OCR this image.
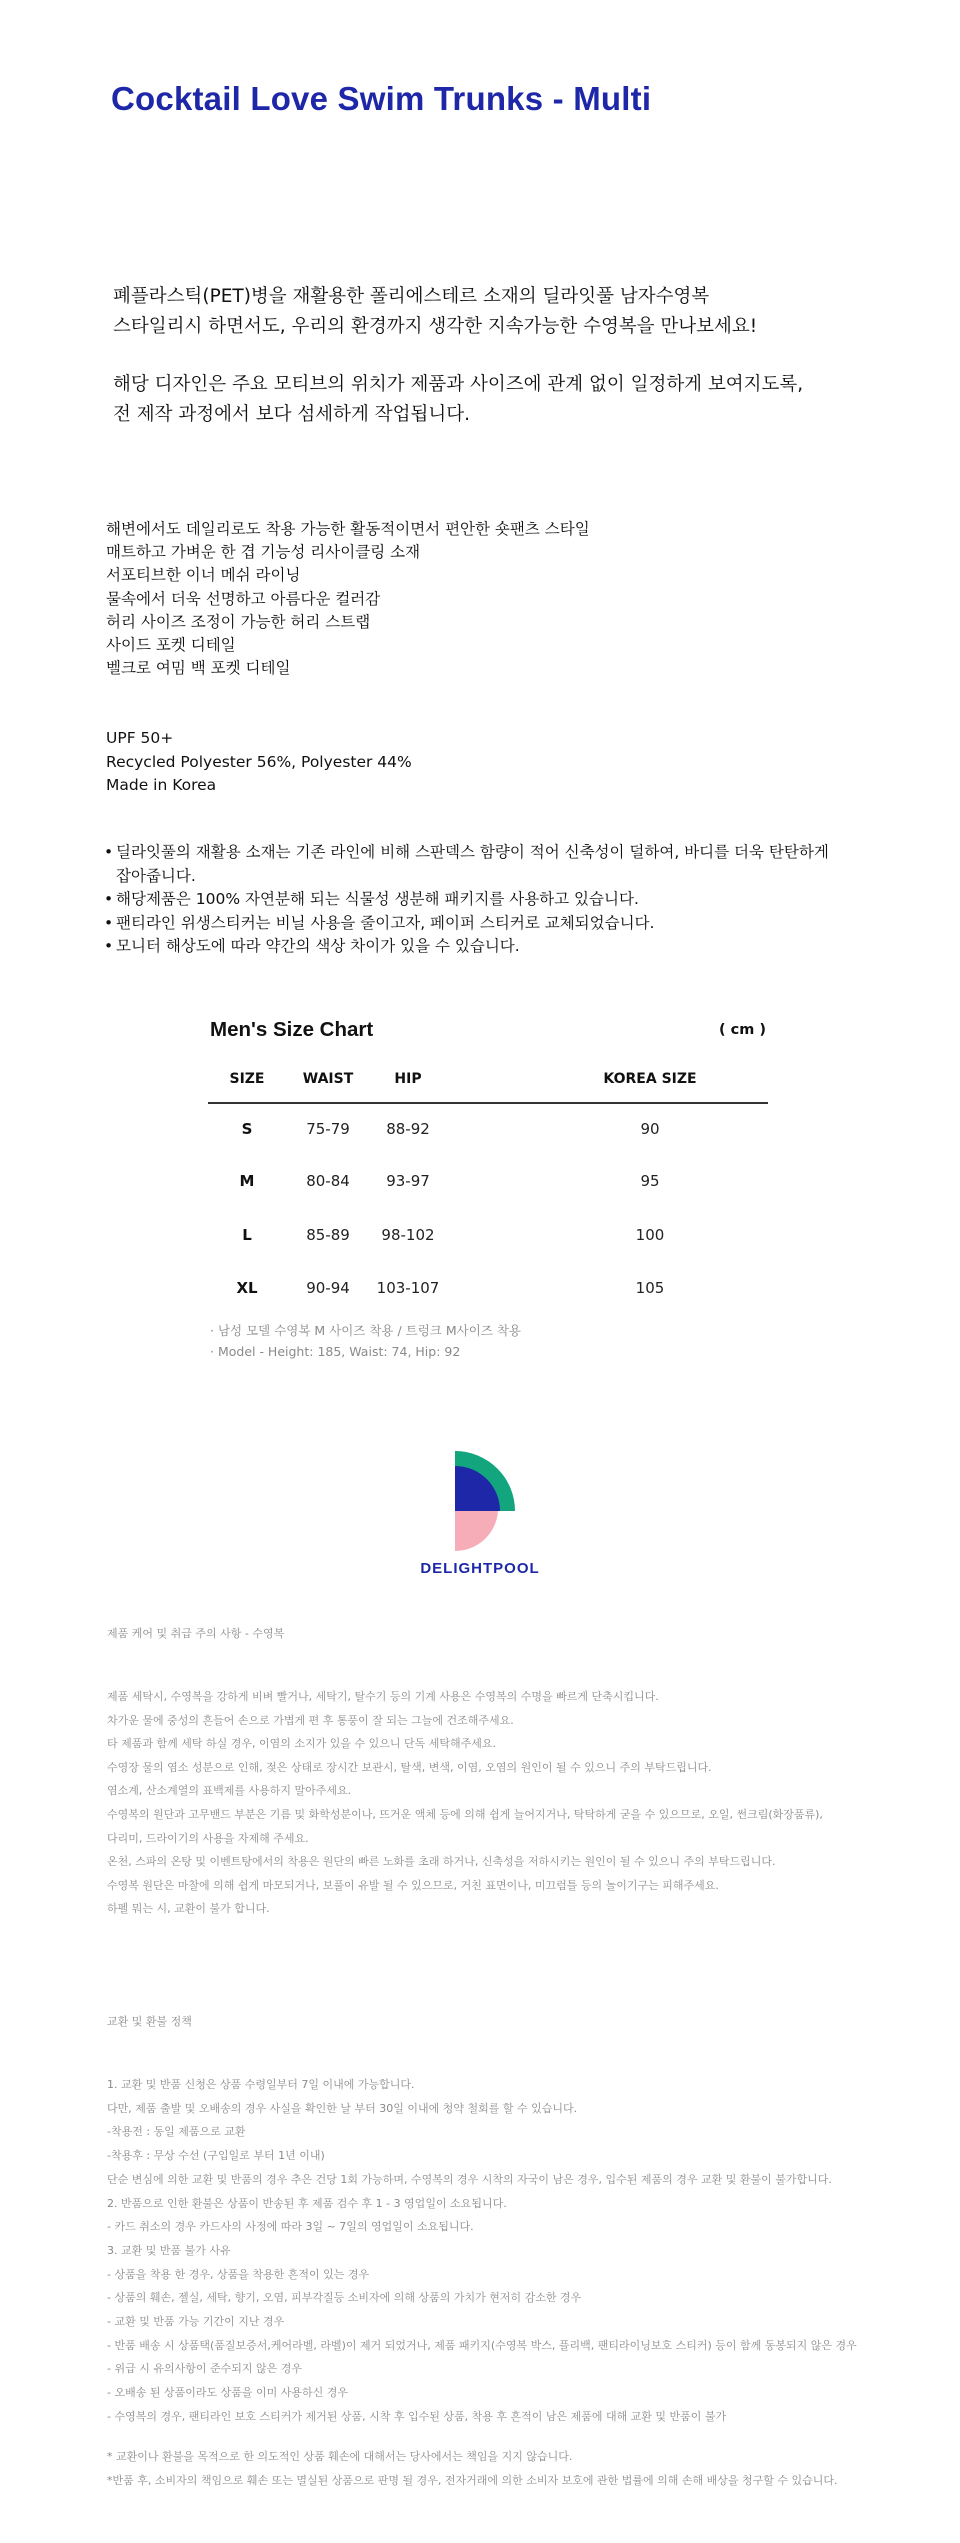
Cocktail Love Swim Trunks - Multi

폐플라스틱(PET)병을 재활용한 폴리에스테르 소재의 딜라잇풀 남자수영복

스타일리시 하면서도, 우리의 환경까지 생각한 지속가능한 수영복을 만나보세요!

해당 디자인은 주요 모티브의 위치가 제품과 사이즈에 관계 없이 일정하게 보여지도록,

전 제작 과정에서 보다 섬세하게 작업됩니다.

해변에서도 데일리로도 착용 가능한 활동적이면서 편안한 숏팬츠 스타일
매트하고 가벼운 한 겹 기능성 리사이클링 소재
서포티브한 이너 메쉬 라이닝
물속에서 더욱 선명하고 아름다운 컬러감
허리 사이즈 조정이 가능한 허리 스트랩
사이드 포켓 디테일
벨크로 여밈 백 포켓 디테일
UPF 50+
Recycled Polyester 56%, Polyester 44%
Made in Korea
• 딜라잇풀의 재활용 소재는 기존 라인에 비해 스판덱스 함량이 적어 신축성이 덜하여, 바디를 더욱 탄탄하게
잡아줍니다.
• 해당제품은 100% 자연분해 되는 식물성 생분해 패키지를 사용하고 있습니다.
• 팬티라인 위생스티커는 비닐 사용을 줄이고자, 페이퍼 스티커로 교체되었습니다.
• 모니터 해상도에 따라 약간의 색상 차이가 있을 수 있습니다.
Men's Size Chart	( cm )
SIZE	WAIST	HIP	KOREA SIZE
S	75-79	88-92	90
M	80-84	93-97	95
L	85-89	98-102	100
XL	90-94	103-107	105
· 남성 모델 수영복 M 사이즈 착용 / 트렁크 M사이즈 착용
· Model - Height: 185, Waist: 74, Hip: 92
DELIGHTPOOL
제품 케어 및 취급 주의 사항 - 수영복
제품 세탁시, 수영복을 강하게 비벼 빨거나, 세탁기, 탈수기 등의 기계 사용은 수영복의 수명을 빠르게 단축시킵니다.
차가운 물에 중성의 흔들어 손으로 가볍게 편 후 통풍이 잘 되는 그늘에 건조해주세요.
타 제품과 함께 세탁 하실 경우, 이염의 소지가 있을 수 있으니 단독 세탁해주세요.
수영장 물의 염소 성분으로 인해, 젖은 상태로 장시간 보관시, 탈색, 변색, 이염, 오염의 원인이 될 수 있으니 주의 부탁드립니다.
염소계, 산소계열의 표백제를 사용하지 말아주세요.
수영복의 원단과 고무밴드 부분은 기름 및 화학성분이나, 뜨거운 액체 등에 의해 쉽게 늘어지거나, 탁탁하게 굳을 수 있으므로, 오일, 썬크림(화장품류),
다리미, 드라이기의 사용을 자제해 주세요.
온천, 스파의 온탕 및 이벤트탕에서의 착용은 원단의 빠른 노화를 초래 하거나, 신축성을 저하시키는 원인이 될 수 있으니 주의 부탁드립니다.
수영복 원단은 마찰에 의해 쉽게 마모되거나, 보풀이 유발 될 수 있으므로, 거친 표면이나, 미끄럼틀 등의 놀이기구는 피해주세요.
하펠 뭐는 시, 교환이 불가 합니다.
교환 및 환불 정책
1. 교환 및 반품 신청은 상품 수령일부터 7일 이내에 가능합니다.
다만, 제품 출발 및 오배송의 경우 사실을 확인한 날 부터 30일 이내에 청약 철회를 할 수 있습니다.
-착용전 : 동일 제품으로 교환
-착용후 : 무상 수선 (구입일로 부터 1년 이내)
단순 변심에 의한 교환 및 반품의 경우 추은 건당 1회 가능하며, 수영복의 경우 시착의 자국이 남은 경우, 입수된 제품의 경우 교환 및 환불이 불가합니다.
2. 반품으로 인한 환불은 상품이 반송된 후 제품 검수 후 1 - 3 영업일이 소요됩니다.
- 카드 취소의 경우 카드사의 사정에 따라 3일 ~ 7일의 영업일이 소요됩니다.
3. 교환 및 반품 불가 사유
- 상품을 착용 한 경우, 상품을 착용한 흔적이 있는 경우
- 상품의 훼손, 젤실, 세탁, 향기, 오염, 피부각질등 소비자에 의해 상품의 가치가 현저히 감소한 경우
- 교환 및 반품 가능 기간이 지난 경우
- 반품 배송 시 상품택(품질보증서,케어라벨, 라벨)이 제거 되었거나, 제품 패키지(수영복 박스, 플리백, 팬티라이닝보호 스티커) 등이 함께 동봉되지 않은 경우
- 위급 시 유의사항이 준수되지 않은 경우
- 오배송 된 상품이라도 상품을 이미 사용하신 경우
- 수영복의 경우, 팬티라인 보호 스티커가 제거된 상품, 시착 후 입수된 상품, 착용 후 흔적이 남은 제품에 대해 교환 및 반품이 불가
* 교환이나 환불을 목적으로 한 의도적인 상품 훼손에 대해서는 당사에서는 책임을 지지 않습니다.
*반품 후, 소비자의 책임으로 훼손 또는 멸실된 상품으로 판명 될 경우, 전자거래에 의한 소비자 보호에 관한 법률에 의해 손해 배상을 청구할 수 있습니다.
